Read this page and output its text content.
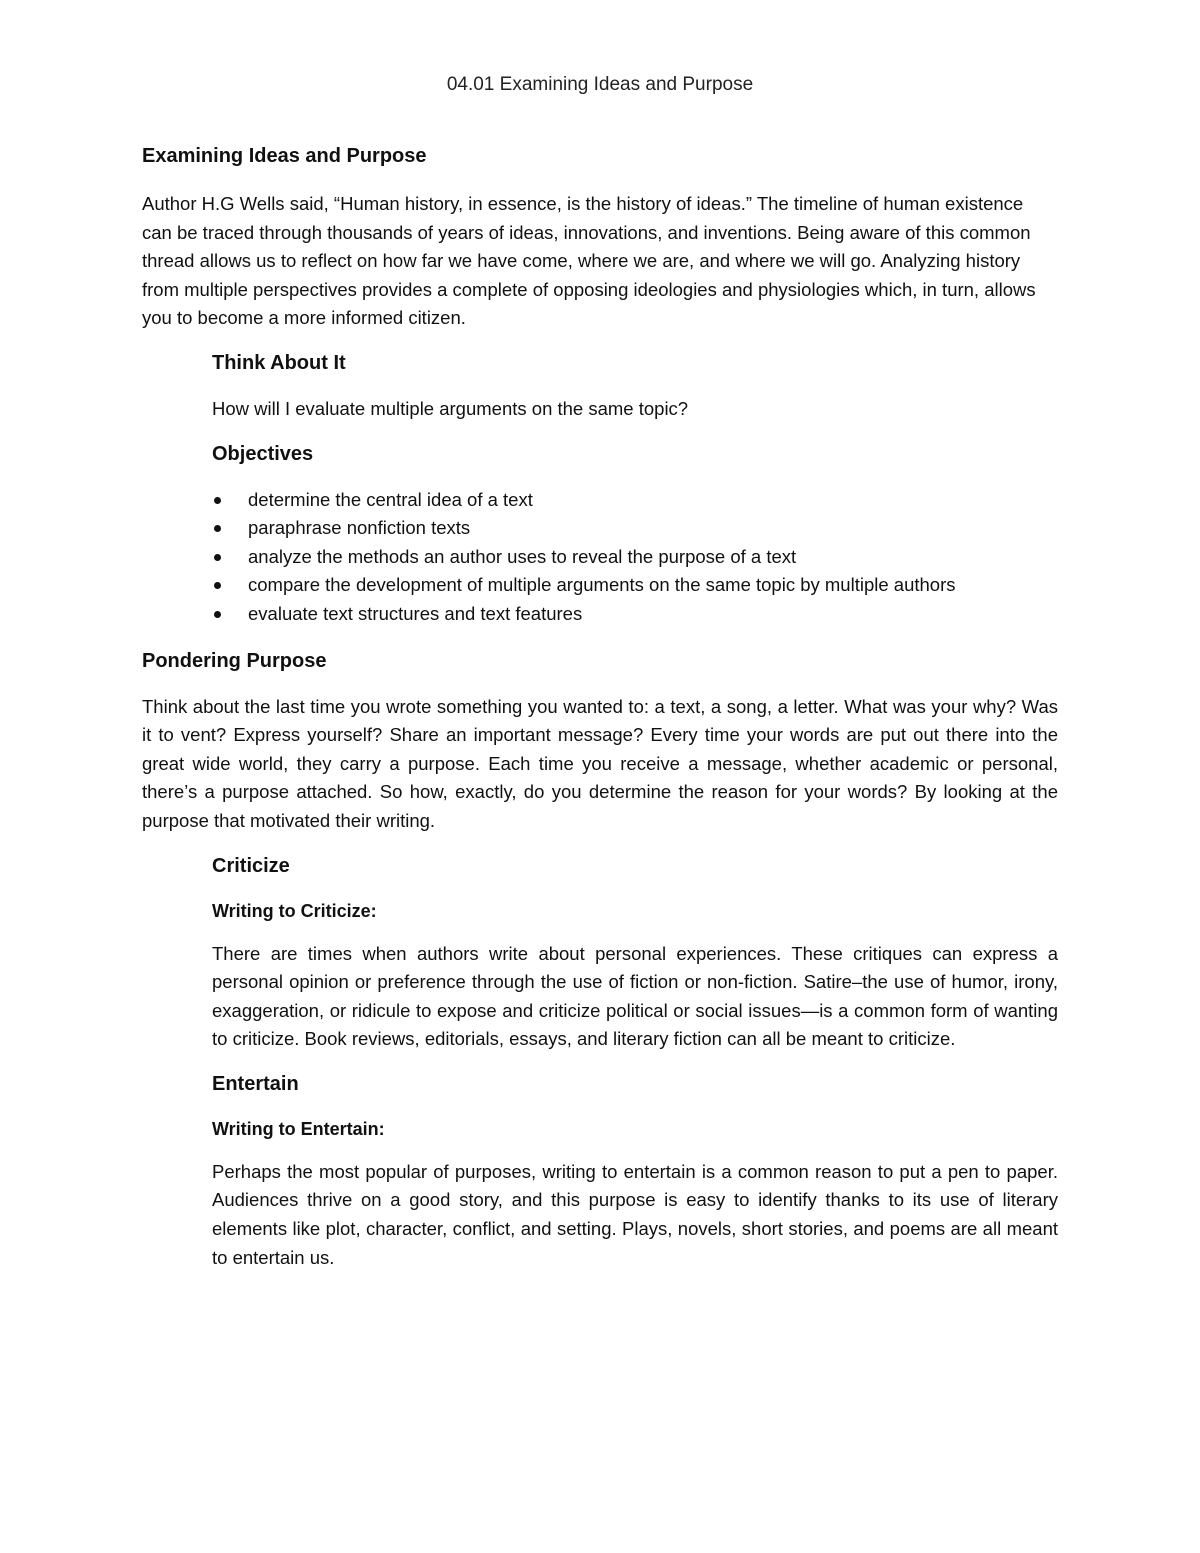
04.01 Examining Ideas and Purpose
Examining Ideas and Purpose

Author H.G Wells said, “Human history, in essence, is the history of ideas.” The timeline of human existence can be traced through thousands of years of ideas, innovations, and inventions. Being aware of this common thread allows us to reflect on how far we have come, where we are, and where we will go. Analyzing history from multiple perspectives provides a complete of opposing ideologies and physiologies which, in turn, allows you to become a more informed citizen.

Think About It

How will I evaluate multiple arguments on the same topic?

Objectives
determine the central idea of a text
paraphrase nonfiction texts
analyze the methods an author uses to reveal the purpose of a text
compare the development of multiple arguments on the same topic by multiple authors
evaluate text structures and text features
Pondering Purpose

Think about the last time you wrote something you wanted to: a text, a song, a letter. What was your why? Was it to vent? Express yourself? Share an important message? Every time your words are put out there into the great wide world, they carry a purpose. Each time you receive a message, whether academic or personal, there’s a purpose attached. So how, exactly, do you determine the reason for your words? By looking at the purpose that motivated their writing.

Criticize
Writing to Criticize:

There are times when authors write about personal experiences. These critiques can express a personal opinion or preference through the use of fiction or non-fiction. Satire–the use of humor, irony, exaggeration, or ridicule to expose and criticize political or social issues—is a common form of wanting to criticize. Book reviews, editorials, essays, and literary fiction can all be meant to criticize.

Entertain
Writing to Entertain:

Perhaps the most popular of purposes, writing to entertain is a common reason to put a pen to paper. Audiences thrive on a good story, and this purpose is easy to identify thanks to its use of literary elements like plot, character, conflict, and setting. Plays, novels, short stories, and poems are all meant to entertain us.
